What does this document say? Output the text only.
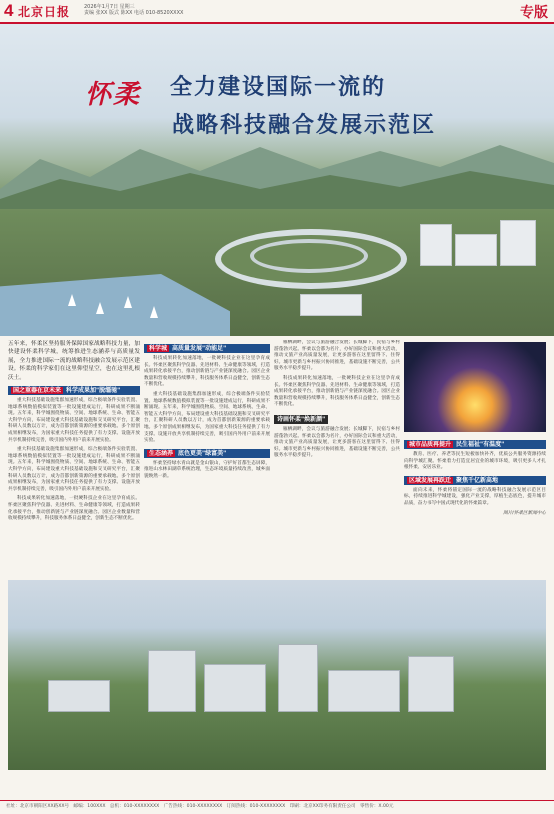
4 北京日报	2026年1月7日 星期三
责编 张XX 版式 陈XX 电话 010-8520XXXX	专版
怀柔 全力建设国际一流的
战略科技融合发展示范区
五年来，怀柔区坚持服务保障国家战略科技力量，加快建设怀柔科学城，统筹推进生态涵养与高质量发展，全力推进国际一流的战略科技融合发展示范区建设。怀柔的科学家们在这里仰望星空，也在这里扎根沃土。
国之重器在京未来 科学成果加"脱缰驰"

重大科技基础设施集群加速形成，综合极端条件实验装置、地球系统数值模拟装置等一批设施建成运行，科研成果不断涌现。五年来，科学城围绕物质、空间、地球系统、生命、智能五大科学方向，布局建设重大科技基础设施和交叉研究平台，汇聚科研人员数以万计，成为首都创新策源的重要承载地。多个原创成果相继发布，为国家重大科技任务提供了有力支撑。设施开放共享机制持续完善，吸引国内外用户前来开展实验。

重大科技基础设施集群加速形成，综合极端条件实验装置、地球系统数值模拟装置等一批设施建成运行，科研成果不断涌现。五年来，科学城围绕物质、空间、地球系统、生命、智能五大科学方向，布局建设重大科技基础设施和交叉研究平台，汇聚科研人员数以万计，成为首都创新策源的重要承载地。多个原创成果相继发布，为国家重大科技任务提供了有力支撑。设施开放共享机制持续完善，吸引国内外用户前来开展实验。

科技成果转化加速落地，一批硬科技企业在这里孕育成长。怀柔区聚焦科学仪器、先进材料、生命健康等领域，打造成果转化承接平台，推动创新链与产业链深度融合。园区企业数量和营收规模持续攀升，科技服务体系日益健全，创新生态不断优化。

科学城 高质量发展"动能足"

科技成果转化加速落地，一批硬科技企业在这里孕育成长。怀柔区聚焦科学仪器、先进材料、生命健康等领域，打造成果转化承接平台，推动创新链与产业链深度融合。园区企业数量和营收规模持续攀升，科技服务体系日益健全，创新生态不断优化。

重大科技基础设施集群加速形成，综合极端条件实验装置、地球系统数值模拟装置等一批设施建成运行，科研成果不断涌现。五年来，科学城围绕物质、空间、地球系统、生命、智能五大科学方向，布局建设重大科技基础设施和交叉研究平台，汇聚科研人员数以万计，成为首都创新策源的重要承载地。多个原创成果相继发布，为国家重大科技任务提供了有力支撑。设施开放共享机制持续完善，吸引国内外用户前来开展实验。

生态涵养 底色更美"绿富美"

怀柔坚持绿水青山就是金山银山，守护好首都生态屏障，推进山水林田湖草系统治理，生态环境质量持续改善，城乡面貌焕然一新。

雁栖湖畔，会议与旅游融合发展；长城脚下，民宿与乡村游蓬勃兴起。怀柔以会都为名片，办好国际会议和重大活动，推动文旅产业高质量发展，让更多游客在这里留得下、住得好。城市更新与乡村振兴协同推进，基础设施不断完善，公共服务水平稳步提升。

科技成果转化加速落地，一批硬科技企业在这里孕育成长。怀柔区聚焦科学仪器、先进材料、生命健康等领域，打造成果转化承接平台，推动创新链与产业链深度融合。园区企业数量和营收规模持续攀升，科技服务体系日益健全，创新生态不断优化。

诗画怀柔"焕新颜"

雁栖湖畔，会议与旅游融合发展；长城脚下，民宿与乡村游蓬勃兴起。怀柔以会都为名片，办好国际会议和重大活动，推动文旅产业高质量发展，让更多游客在这里留得下、住得好。城市更新与乡村振兴协同推进，基础设施不断完善，公共服务水平稳步提升。

城市品质再提升 民生福祉"有温度"

教育、医疗、养老等民生短板加快补齐，优质公共服务资源持续向科学城汇聚。怀柔着力打造宜居宜业的城市环境，吸引更多人才扎根怀柔、安居乐业。

区域发展再跃迁 聚焦千亿新高地

面向未来，怀柔将锚定国际一流的战略科技融合发展示范区目标，持续推进科学城建设，强化产业支撑，厚植生态底色，提升城市品质，奋力书写中国式现代化的怀柔篇章。

图片/怀柔区新闻中心
社址：北京市朝阳区XX路XX号 邮编：100XXX 总机：010-XXXXXXXX 广告热线：010-XXXXXXXX 订阅热线：010-XXXXXXXX 印刷：北京XX印务有限责任公司 零售价：X.00元
